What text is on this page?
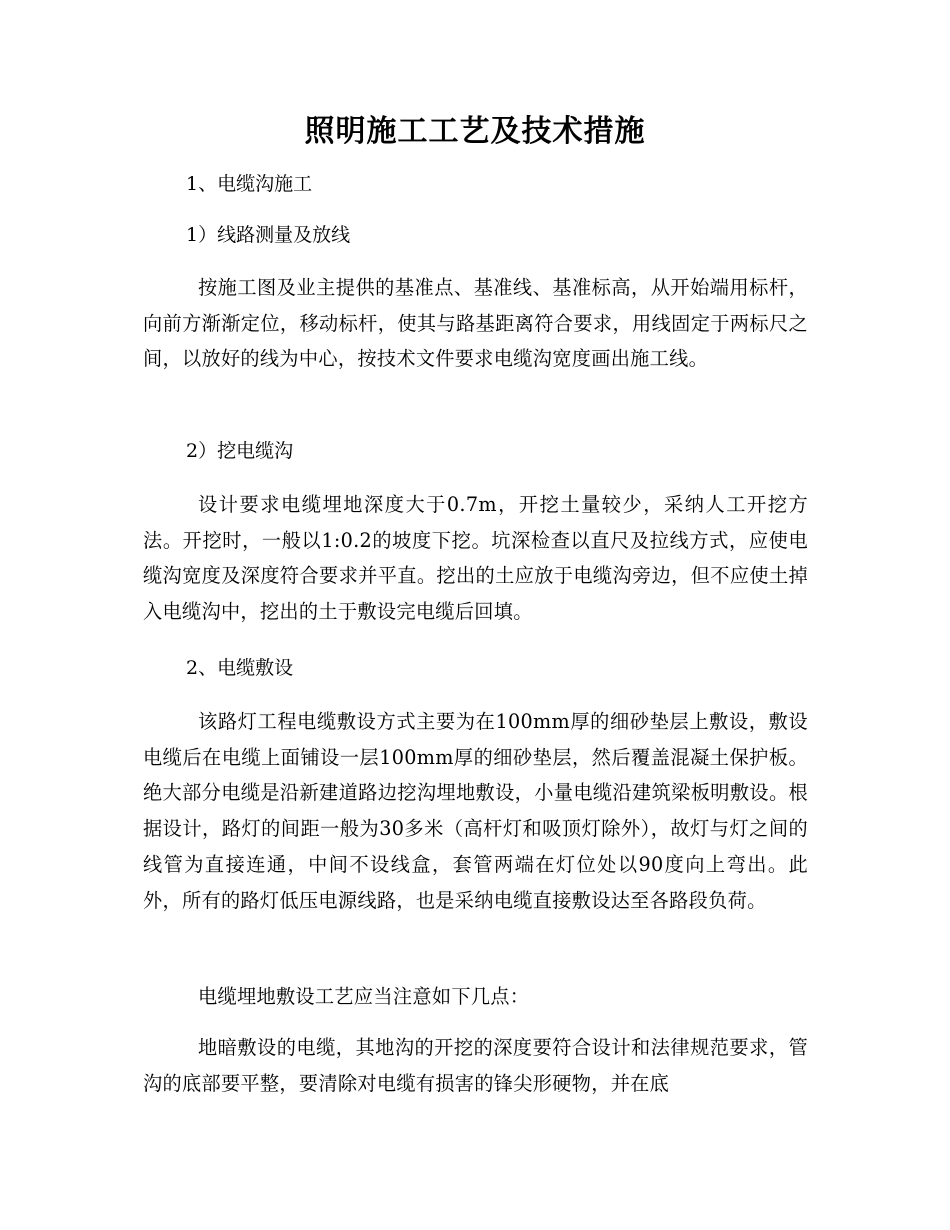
照明施工工艺及技术措施
1、电缆沟施工
1）线路测量及放线
按施工图及业主提供的基准点、基准线、基准标高，从开始端用标杆，向前方渐渐定位，移动标杆，使其与路基距离符合要求，用线固定于两标尺之间，以放好的线为中心，按技术文件要求电缆沟宽度画出施工线。
2）挖电缆沟
设计要求电缆埋地深度大于0.7m，开挖土量较少，采纳人工开挖方法。开挖时，一般以1:0.2的坡度下挖。坑深检查以直尺及拉线方式，应使电缆沟宽度及深度符合要求并平直。挖出的土应放于电缆沟旁边，但不应使土掉入电缆沟中，挖出的土于敷设完电缆后回填。
2、电缆敷设
该路灯工程电缆敷设方式主要为在100mm厚的细砂垫层上敷设，敷设电缆后在电缆上面铺设一层100mm厚的细砂垫层，然后覆盖混凝土保护板。绝大部分电缆是沿新建道路边挖沟埋地敷设，小量电缆沿建筑梁板明敷设。根据设计，路灯的间距一般为30多米（高杆灯和吸顶灯除外），故灯与灯之间的线管为直接连通，中间不设线盒，套管两端在灯位处以90度向上弯出。此外，所有的路灯低压电源线路，也是采纳电缆直接敷设达至各路段负荷。
电缆埋地敷设工艺应当注意如下几点：
地暗敷设的电缆，其地沟的开挖的深度要符合设计和法律规范要求，管沟的底部要平整，要清除对电缆有损害的锋尖形硬物，并在底
